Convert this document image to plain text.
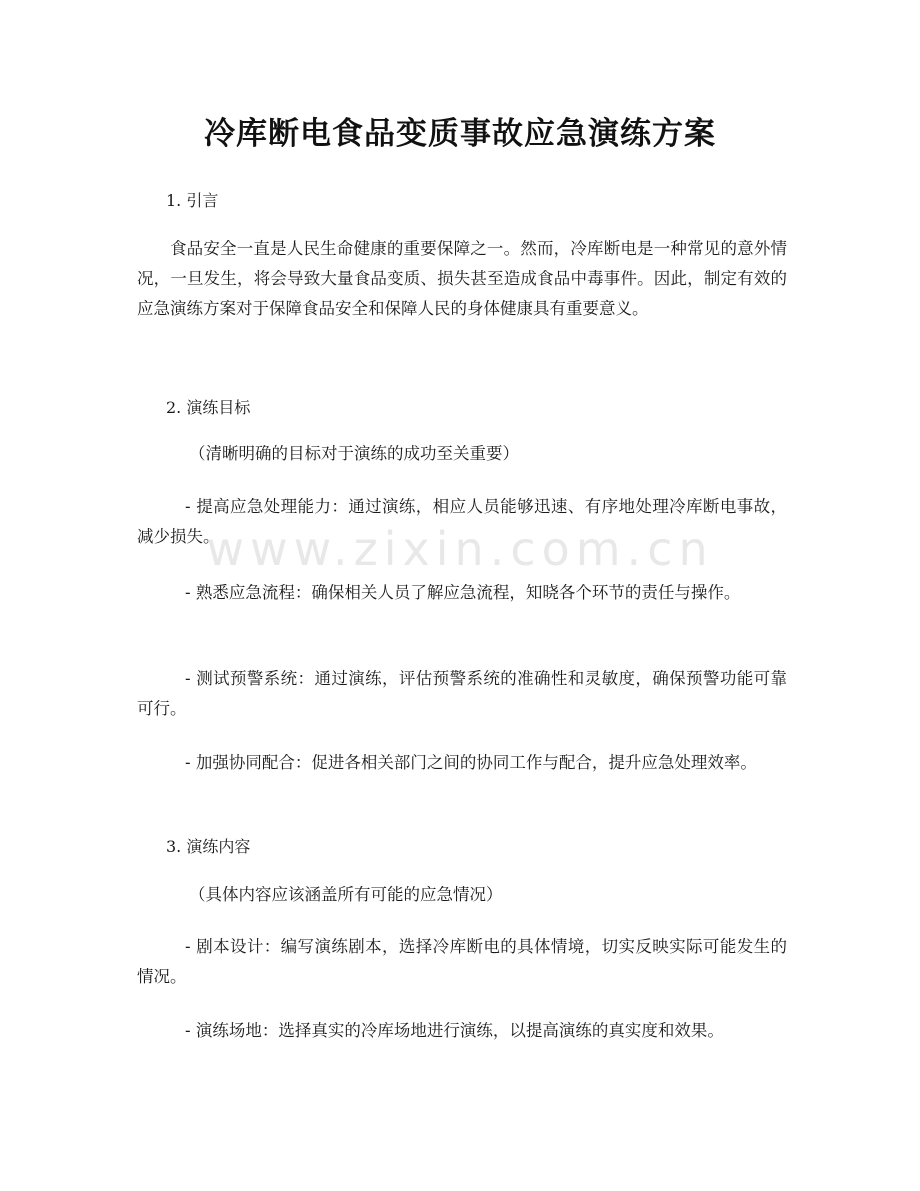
www.zixin.com.cn
冷库断电食品变质事故应急演练方案
1. 引言

食品安全一直是人民生命健康的重要保障之一。然而，冷库断电是一种常见的意外情况，一旦发生，将会导致大量食品变质、损失甚至造成食品中毒事件。因此，制定有效的应急演练方案对于保障食品安全和保障人民的身体健康具有重要意义。

2. 演练目标

（清晰明确的目标对于演练的成功至关重要）

- 提高应急处理能力：通过演练，相应人员能够迅速、有序地处理冷库断电事故，减少损失。

- 熟悉应急流程：确保相关人员了解应急流程，知晓各个环节的责任与操作。

- 测试预警系统：通过演练，评估预警系统的准确性和灵敏度，确保预警功能可靠可行。

- 加强协同配合：促进各相关部门之间的协同工作与配合，提升应急处理效率。

3. 演练内容

（具体内容应该涵盖所有可能的应急情况）

- 剧本设计：编写演练剧本，选择冷库断电的具体情境，切实反映实际可能发生的情况。

- 演练场地：选择真实的冷库场地进行演练，以提高演练的真实度和效果。
